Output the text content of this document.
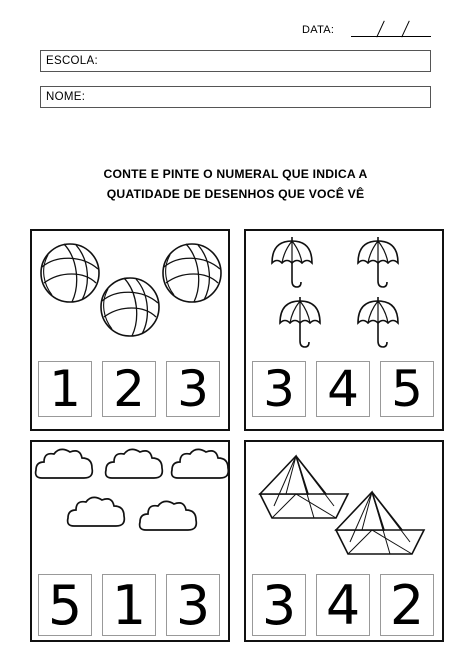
DATA:
ESCOLA:
NOME:
CONTE E PINTE O NUMERAL QUE INDICA A
QUATIDADE DE DESENHOS QUE VOCÊ VÊ
1 2 3 3 4 5
5 1 3 3 4 2
